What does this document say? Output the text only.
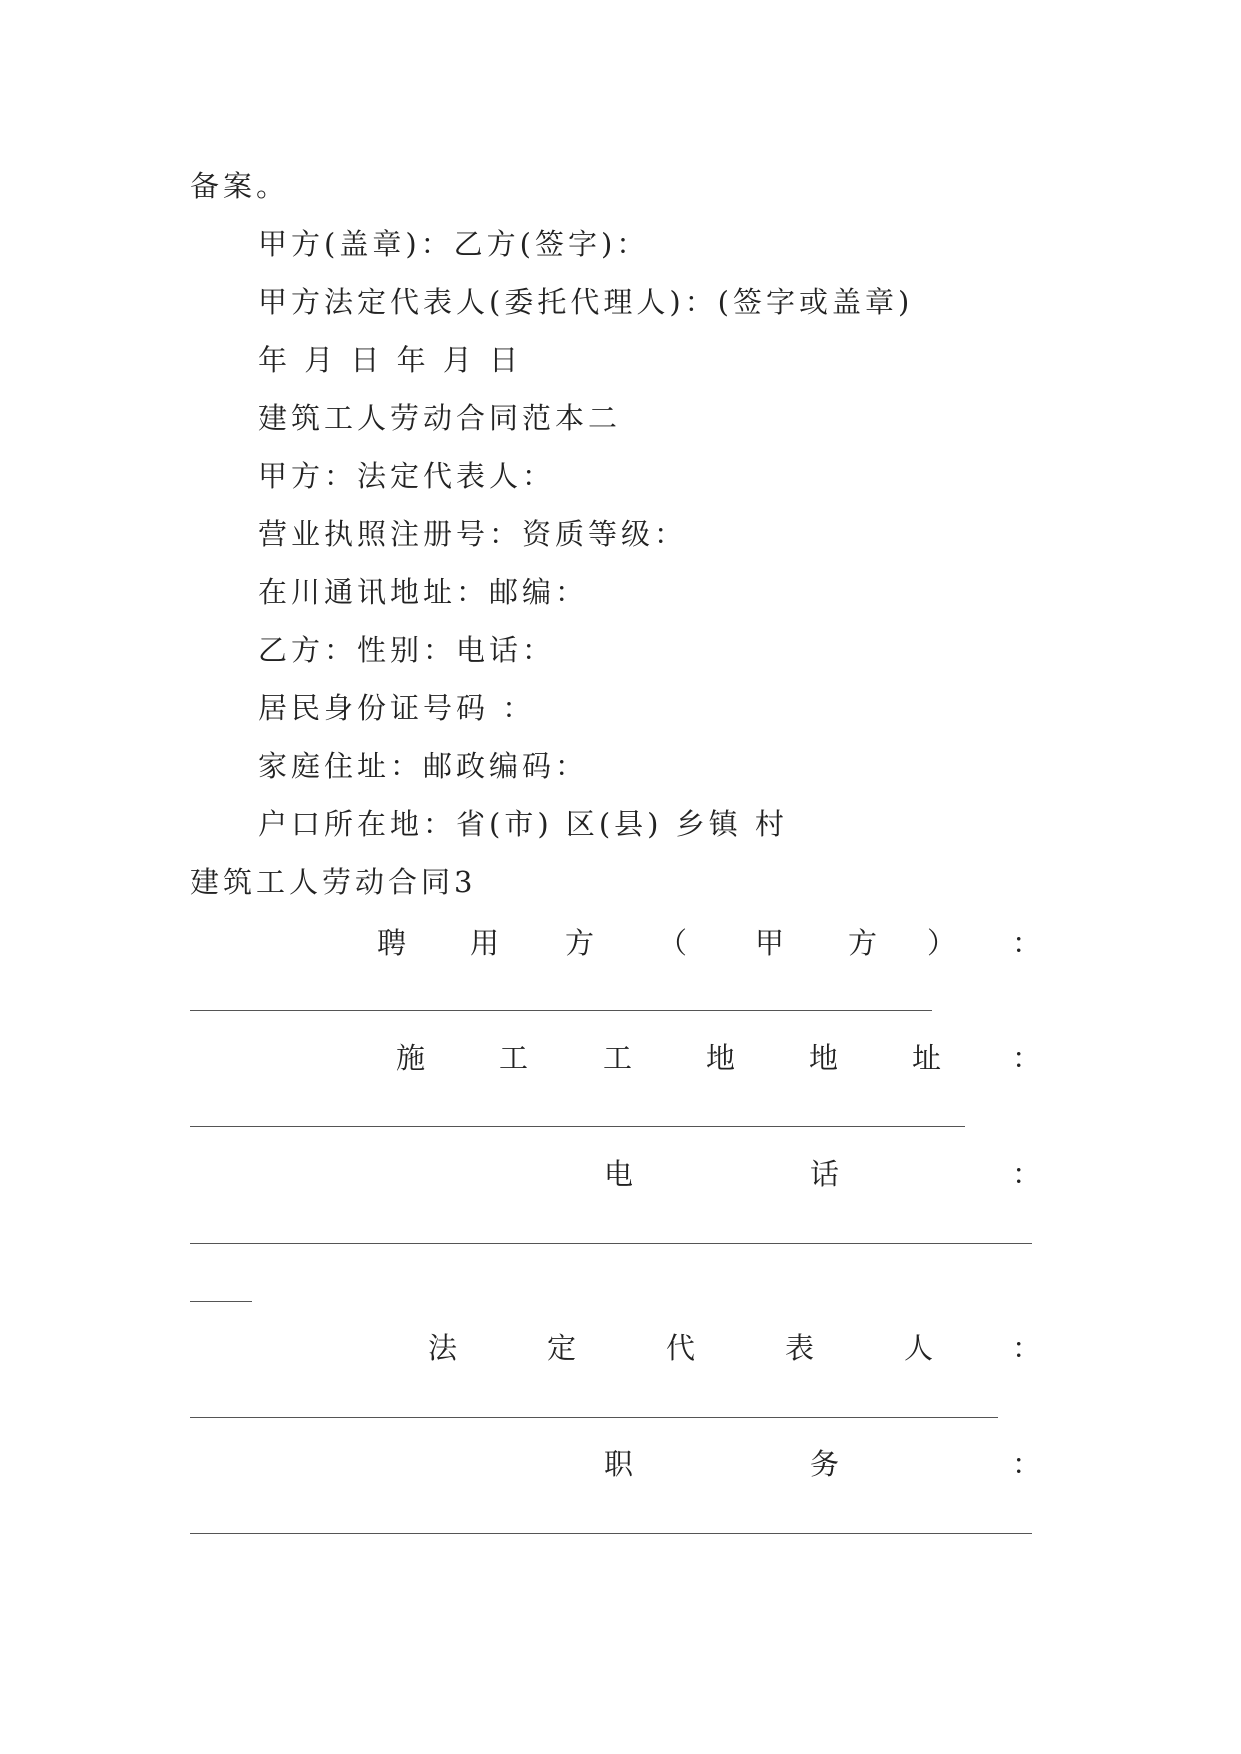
备案。
甲方(盖章)：乙方(签字)：
甲方法定代表人(委托代理人)：(签字或盖章)
年 月 日 年 月 日
建筑工人劳动合同范本二
甲方：法定代表人：
营业执照注册号：资质等级：
在川通讯地址：邮编：
乙方：性别：电话：
居民身份证号码 ：
家庭住址：邮政编码：
户口所在地：省(市) 区(县) 乡镇 村
建筑工人劳动合同3
聘 用 方 （ 甲 方 ） ：
施	工	工	地	地	址 ：
电	话	：
法	定	代	表	人	：
职	务	：
